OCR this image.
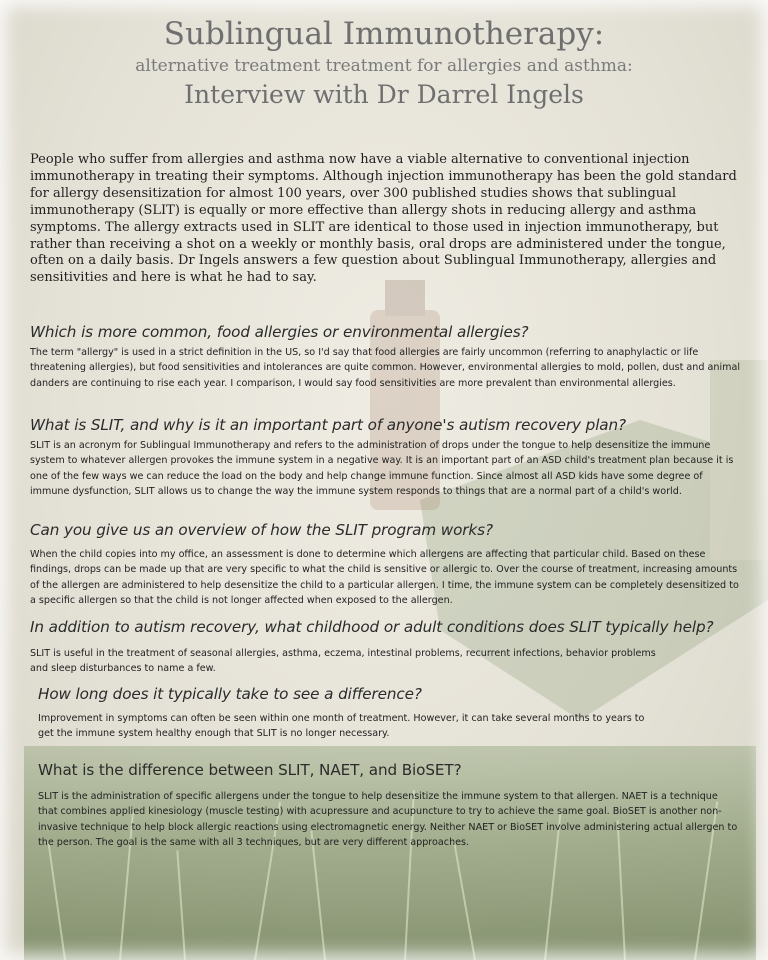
Sublingual Immunotherapy:

alternative treatment treatment for allergies and asthma:

Interview with Dr Darrel Ingels

People who suffer from allergies and asthma now have a viable alternative to conventional injection immunotherapy in treating their symptoms. Although injection immunotherapy has been the gold standard for allergy desensitization for almost 100 years, over 300 published studies shows that sublingual immunotherapy (SLIT) is equally or more effective than allergy shots in reducing allergy and asthma symptoms. The allergy extracts used in SLIT are identical to those used in injection immunotherapy, but rather than receiving a shot on a weekly or monthly basis, oral drops are administered under the tongue, often on a daily basis. Dr Ingels answers a few question about Sublingual Immunotherapy, allergies and sensitivities and here is what he had to say.

Which is more common, food allergies or environmental allergies?

The term "allergy" is used in a strict definition in the US, so I'd say that food allergies are fairly uncommon (referring to anaphylactic or life threatening allergies), but food sensitivities and intolerances are quite common. However, environmental allergies to mold, pollen, dust and animal danders are continuing to rise each year. I comparison, I would say food sensitivities are more prevalent than environmental allergies.

What is SLIT, and why is it an important part of anyone's autism recovery plan?

SLIT is an acronym for Sublingual Immunotherapy and refers to the administration of drops under the tongue to help desensitize the immune system to whatever allergen provokes the immune system in a negative way. It is an important part of an ASD child's treatment plan because it is one of the few ways we can reduce the load on the body and help change immune function. Since almost all ASD kids have some degree of immune dysfunction, SLIT allows us to change the way the immune system responds to things that are a normal part of a child's world.

Can you give us an overview of how the SLIT program works?

When the child copies into my office, an assessment is done to determine which allergens are affecting that particular child. Based on these findings, drops can be made up that are very specific to what the child is sensitive or allergic to. Over the course of treatment, increasing amounts of the allergen are administered to help desensitize the child to a particular allergen. I time, the immune system can be completely desensitized to a specific allergen so that the child is not longer affected when exposed to the allergen.

In addition to autism recovery, what childhood or adult conditions does SLIT typically help?

SLIT is useful in the treatment of seasonal allergies, asthma, eczema, intestinal problems, recurrent infections, behavior problems and sleep disturbances to name a few.

How long does it typically take to see a difference?

Improvement in symptoms can often be seen within one month of treatment. However, it can take several months to years to get the immune system healthy enough that SLIT is no longer necessary.

What is the difference between SLIT, NAET, and BioSET?

SLIT is the administration of specific allergens under the tongue to help desensitize the immune system to that allergen. NAET is a technique that combines applied kinesiology (muscle testing) with acupressure and acupuncture to try to achieve the same goal. BioSET is another non-invasive technique to help block allergic reactions using electromagnetic energy. Neither NAET or BioSET involve administering actual allergen to the person. The goal is the same with all 3 techniques, but are very different approaches.
